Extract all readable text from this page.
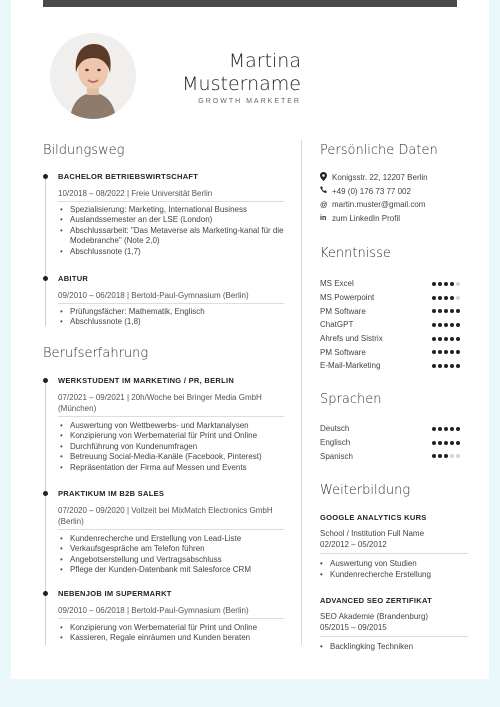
Martina
Mustername
GROWTH MARKETER
Bildungsweg
BACHELOR BETRIEBSWIRTSCHAFT
10/2018 – 08/2022 | Freie Universität Berlin
• Spezialisierung: Marketing, International Business
• Auslandssemester an der LSE (London)
• Abschlussarbeit: "Das Metaverse als Marketing-kanal für die Modebranche" (Note 2,0)
• Abschlussnote (1,7)
ABITUR
09/2010 – 06/2018 | Bertold-Paul-Gymnasium (Berlin)
• Prüfungsfächer: Mathematik, Englisch
• Abschlussnote (1,8)
Berufserfahrung
WERKSTUDENT IM MARKETING / PR, BERLIN
07/2021 – 09/2021 | 20h/Woche bei Bringer Media GmbH (München)
• Auswertung von Wettbewerbs- und Marktanalysen
• Konzipierung von Werbematerial für Print und Online
• Durchführung von Kundenumfragen
• Betreuung Social-Media-Kanäle (Facebook, Pinterest)
• Repräsentation der Firma auf Messen und Events
PRAKTIKUM IM B2B SALES
07/2020 – 09/2020 | Vollzeit bei MixMatch Electronics GmbH (Berlin)
• Kundenrecherche und Erstellung von Lead-Liste
• Verkaufsgespräche am Telefon führen
• Angebotserstellung und Vertragsabschluss
• Pflege der Kunden-Datenbank mit Salesforce CRM
NEBENJOB IM SUPERMARKT
09/2010 – 06/2018 | Bertold-Paul-Gymnasium (Berlin)
• Konzipierung von Werbematerial für Print und Online
• Kassieren, Regale einräumen und Kunden beraten
Persönliche Daten
Konigsstr. 22, 12207 Berlin
+49 (0) 176 73 77 002
@ martin.muster@gmail.com
in zum LinkedIn Profil
Kenntnisse
MS Excel
MS Powerpoint
PM Software
ChatGPT
Ahrefs und Sistrix
PM Software
E-Mail-Marketing
Sprachen
Deutsch
Englisch
Spanisch
Weiterbildung
GOOGLE ANALYTICS KURS
School / Institution Full Name
02/2012 – 05/2012
• Auswertung von Studien
• Kundenrecherche Erstellung
ADVANCED SEO ZERTIFIKAT
SEO Akademie (Brandenburg)
05/2015 – 09/2015
• Backlingking Techniken
